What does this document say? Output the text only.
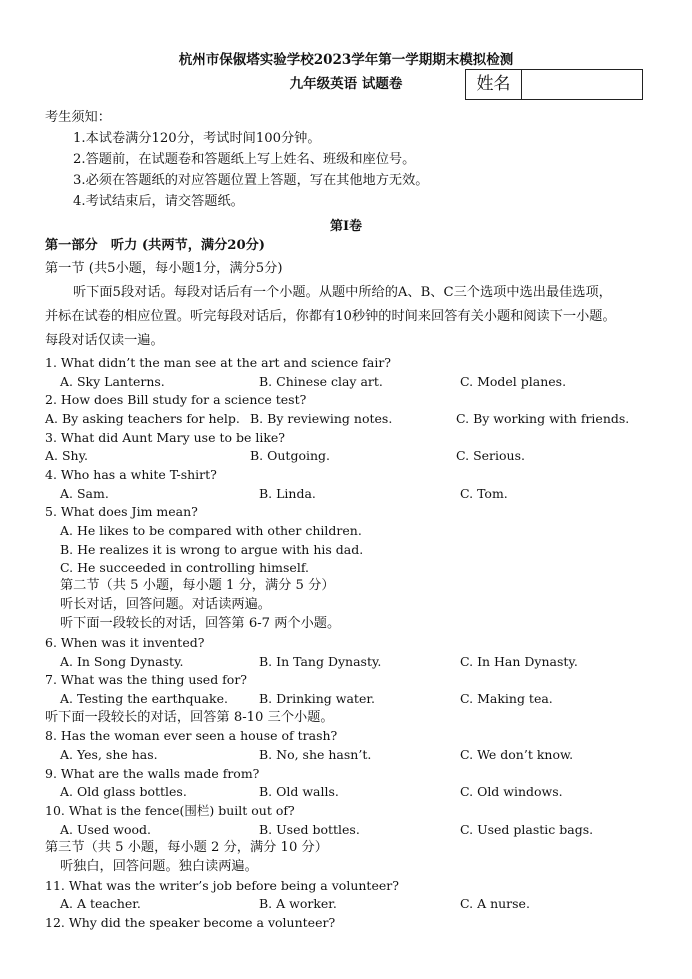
杭州市保俶塔实验学校2023学年第一学期期末模拟检测
九年级英语 试题卷	姓名
考生须知：
1.本试卷满分120分，考试时间100分钟。
2.答题前，在试题卷和答题纸上写上姓名、班级和座位号。
3.必须在答题纸的对应答题位置上答题，写在其他地方无效。
4.考试结束后，请交答题纸。
第I卷
第一部分　听力 (共两节，满分20分)
第一节 (共5小题，每小题1分，满分5分)
听下面5段对话。每段对话后有一个小题。从题中所给的A、B、C三个选项中选出最佳选项，
并标在试卷的相应位置。听完每段对话后，你都有10秒钟的时间来回答有关小题和阅读下一小题。
每段对话仅读一遍。
1. What didn’t the man see at the art and science fair?
A. Sky Lanterns.	B. Chinese clay art.	C. Model planes.
2. How does Bill study for a science test?
A. By asking teachers for help. B. By reviewing notes.	C. By working with friends.
3. What did Aunt Mary use to be like?
A. Shy.	B. Outgoing.	C. Serious.
4. Who has a white T-shirt?
A. Sam.	B. Linda.	C. Tom.
5. What does Jim mean?
A. He likes to be compared with other children.
B. He realizes it is wrong to argue with his dad.
C. He succeeded in controlling himself.
第二节（共 5 小题，每小题 1 分，满分 5 分）
听长对话，回答问题。对话读两遍。
听下面一段较长的对话，回答第 6-7 两个小题。
6. When was it invented?
A. In Song Dynasty.	B. In Tang Dynasty.	C. In Han Dynasty.
7. What was the thing used for?
A. Testing the earthquake. B. Drinking water.	C. Making tea.
听下面一段较长的对话，回答第 8-10 三个小题。
8. Has the woman ever seen a house of trash?
A. Yes, she has.	B. No, she hasn’t.	C. We don’t know.
9. What are the walls made from?
A. Old glass bottles.	B. Old walls.	C. Old windows.
10. What is the fence(围栏) built out of?
A. Used wood.	B. Used bottles.	C. Used plastic bags.
第三节（共 5 小题，每小题 2 分，满分 10 分）
听独白，回答问题。独白读两遍。
11. What was the writer’s job before being a volunteer?
A. A teacher.	B. A worker.	C. A nurse.
12. Why did the speaker become a volunteer?
